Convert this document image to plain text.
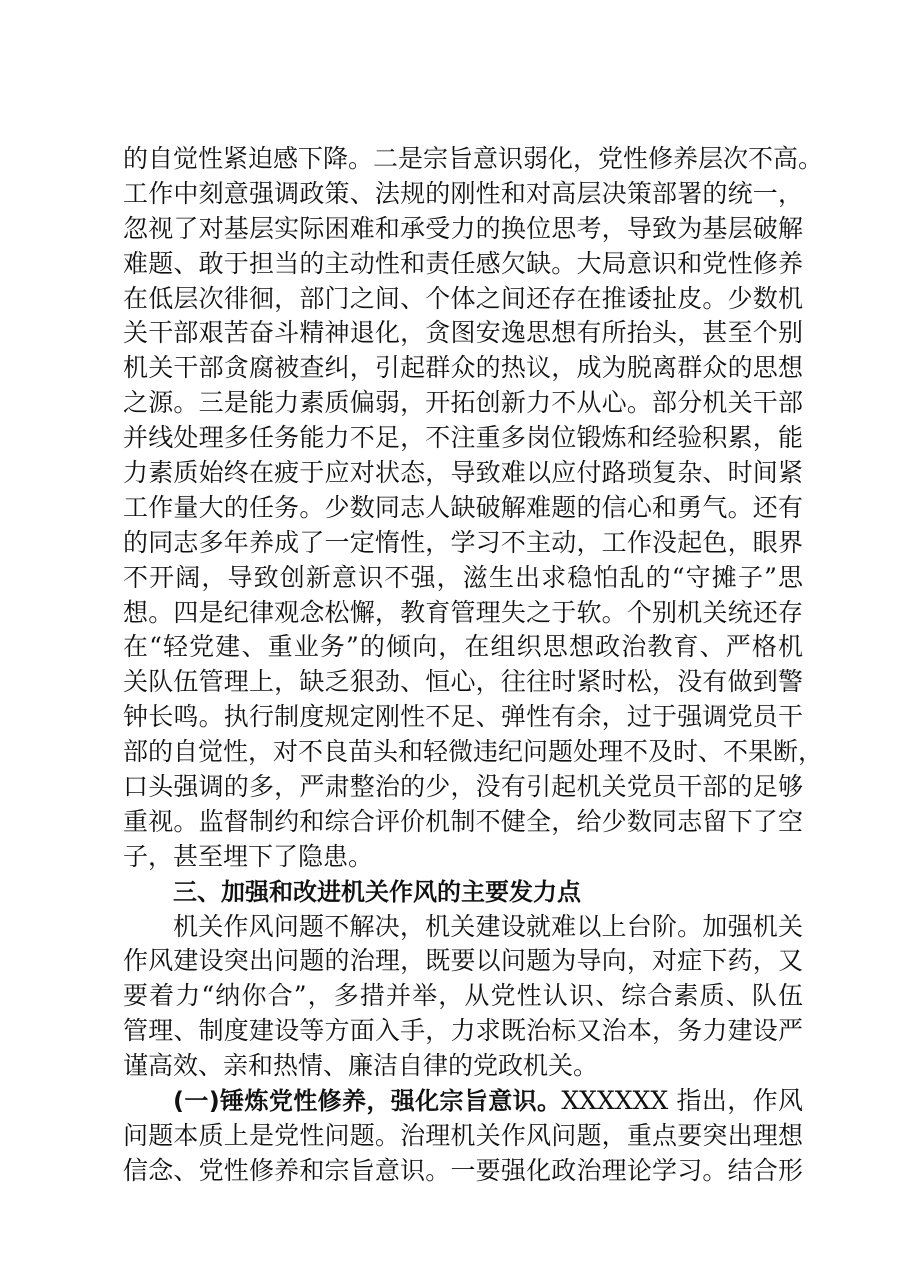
的自觉性紧迫感下降。二是宗旨意识弱化，党性修养层次不高。
工作中刻意强调政策、法规的刚性和对高层决策部署的统一，
忽视了对基层实际困难和承受力的换位思考，导致为基层破解
难题、敢于担当的主动性和责任感欠缺。大局意识和党性修养
在低层次徘徊，部门之间、个体之间还存在推诿扯皮。少数机
关干部艰苦奋斗精神退化，贪图安逸思想有所抬头，甚至个别
机关干部贪腐被查纠，引起群众的热议，成为脱离群众的思想
之源。三是能力素质偏弱，开拓创新力不从心。部分机关干部
并线处理多任务能力不足，不注重多岗位锻炼和经验积累，能
力素质始终在疲于应对状态，导致难以应付路琐复杂、时间紧
工作量大的任务。少数同志人缺破解难题的信心和勇气。还有
的同志多年养成了一定惰性，学习不主动，工作没起色，眼界
不开阔，导致创新意识不强，滋生出求稳怕乱的“守摊子”思
想。四是纪律观念松懈，教育管理失之于软。个别机关统还存
在“轻党建、重业务”的倾向，在组织思想政治教育、严格机
关队伍管理上，缺乏狠劲、恒心，往往时紧时松，没有做到警
钟长鸣。执行制度规定刚性不足、弹性有余，过于强调党员干
部的自觉性，对不良苗头和轻微违纪问题处理不及时、不果断，
口头强调的多，严肃整治的少，没有引起机关党员干部的足够
重视。监督制约和综合评价机制不健全，给少数同志留下了空
子，甚至埋下了隐患。
三、加强和改进机关作风的主要发力点
机关作风问题不解决，机关建设就难以上台阶。加强机关
作风建设突出问题的治理，既要以问题为导向，对症下药，又
要着力“纳你合”，多措并举，从党性认识、综合素质、队伍
管理、制度建设等方面入手，力求既治标又治本，务力建设严
谨高效、亲和热情、廉洁自律的党政机关。
(一)锤炼党性修养，强化宗旨意识。XXXXXX 指出，作风
问题本质上是党性问题。治理机关作风问题，重点要突出理想
信念、党性修养和宗旨意识。一要强化政治理论学习。结合形
